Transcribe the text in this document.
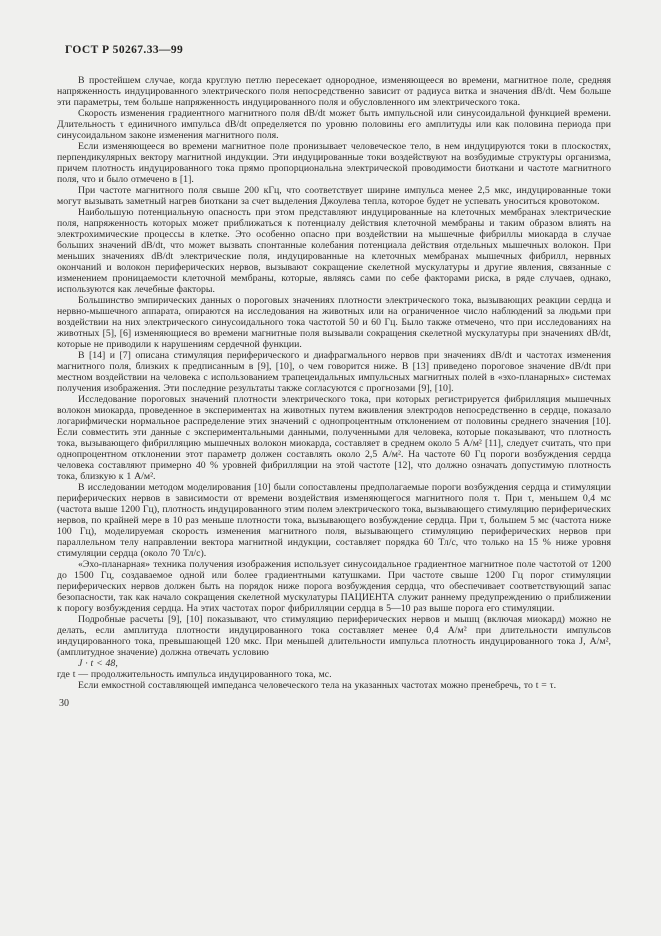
ГОСТ Р 50267.33—99

В простейшем случае, когда круглую петлю пересекает однородное, изменяющееся во времени, магнитное поле, средняя напряженность индуцированного электрического поля непосредственно зависит от радиуса витка и значения dB/dt. Чем больше эти параметры, тем больше напряженность индуцированного поля и обусловленного им электрического тока.

Скорость изменения градиентного магнитного поля dB/dt может быть импульсной или синусоидальной функцией времени. Длительность τ единичного импульса dB/dt определяется по уровню половины его амплитуды или как половина периода при синусоидальном законе изменения магнитного поля.

Если изменяющееся во времени магнитное поле пронизывает человеческое тело, в нем индуцируются токи в плоскостях, перпендикулярных вектору магнитной индукции. Эти индуцированные токи воздействуют на возбудимые структуры организма, причем плотность индуцированного тока прямо пропорциональна электрической проводимости биоткани и частоте магнитного поля, что и было отмечено в [1].

При частоте магнитного поля свыше 200 кГц, что соответствует ширине импульса менее 2,5 мкс, индуцированные токи могут вызывать заметный нагрев биоткани за счет выделения Джоулева тепла, которое будет не успевать уноситься кровотоком.

Наибольшую потенциальную опасность при этом представляют индуцированные на клеточных мембранах электрические поля, напряженность которых может приближаться к потенциалу действия клеточной мембраны и таким образом влиять на электрохимические процессы в клетке. Это особенно опасно при воздействии на мышечные фибриллы миокарда в случае больших значений dB/dt, что может вызвать спонтанные колебания потенциала действия отдельных мышечных волокон. При меньших значениях dB/dt электрические поля, индуцированные на клеточных мембранах мышечных фибрилл, нервных окончаний и волокон периферических нервов, вызывают сокращение скелетной мускулатуры и другие явления, связанные с изменением проницаемости клеточной мембраны, которые, являясь сами по себе факторами риска, в ряде случаев, однако, используются как лечебные факторы.

Большинство эмпирических данных о пороговых значениях плотности электрического тока, вызывающих реакции сердца и нервно-мышечного аппарата, опираются на исследования на животных или на ограниченное число наблюдений за людьми при воздействии на них электрического синусоидального тока частотой 50 и 60 Гц. Было также отмечено, что при исследованиях на животных [5], [6] изменяющиеся во времени магнитные поля вызывали сокращения скелетной мускулатуры при значениях dB/dt, которые не приводили к нарушениям сердечной функции.

В [14] и [7] описана стимуляция периферического и диафрагмального нервов при значениях dB/dt и частотах изменения магнитного поля, близких к предписанным в [9], [10], о чем говорится ниже. В [13] приведено пороговое значение dB/dt при местном воздействии на человека с использованием трапецеидальных импульсных магнитных полей в «эхо-планарных» системах получения изображения. Эти последние результаты также согласуются с прогнозами [9], [10].

Исследование пороговых значений плотности электрического тока, при которых регистрируется фибрилляция мышечных волокон миокарда, проведенное в экспериментах на животных путем вживления электродов непосредственно в сердце, показало логарифмически нормальное распределение этих значений с однопроцентным отклонением от половины среднего значения [10]. Если совместить эти данные с экспериментальными данными, полученными для человека, которые показывают, что плотность тока, вызывающего фибрилляцию мышечных волокон миокарда, составляет в среднем около 5 А/м² [11], следует считать, что при однопроцентном отклонении этот параметр должен составлять около 2,5 А/м². На частоте 60 Гц пороги возбуждения сердца человека составляют примерно 40 % уровней фибрилляции на этой частоте [12], что должно означать допустимую плотность тока, близкую к 1 А/м².

В исследовании методом моделирования [10] были сопоставлены предполагаемые пороги возбуждения сердца и стимуляции периферических нервов в зависимости от времени воздействия изменяющегося магнитного поля τ. При τ, меньшем 0,4 мс (частота выше 1200 Гц), плотность индуцированного этим полем электрического тока, вызывающего стимуляцию периферических нервов, по крайней мере в 10 раз меньше плотности тока, вызывающего возбуждение сердца. При τ, большем 5 мс (частота ниже 100 Гц), моделируемая скорость изменения магнитного поля, вызывающего стимуляцию периферических нервов при параллельном телу направлении вектора магнитной индукции, составляет порядка 60 Тл/с, что только на 15 % ниже уровня стимуляции сердца (около 70 Тл/с).

«Эхо-планарная» техника получения изображения использует синусоидальное градиентное магнитное поле частотой от 1200 до 1500 Гц, создаваемое одной или более градиентными катушками. При частоте свыше 1200 Гц порог стимуляции периферических нервов должен быть на порядок ниже порога возбуждения сердца, что обеспечивает соответствующий запас безопасности, так как начало сокращения скелетной мускулатуры ПАЦИЕНТА служит раннему предупреждению о приближении к порогу возбуждения сердца. На этих частотах порог фибрилляции сердца в 5—10 раз выше порога его стимуляции.

Подробные расчеты [9], [10] показывают, что стимуляцию периферических нервов и мышц (включая миокард) можно не делать, если амплитуда плотности индуцированного тока составляет менее 0,4 А/м² при длительности импульсов индуцированного тока, превышающей 120 мкс. При меньшей длительности импульса плотность индуцированного тока J, А/м², (амплитудное значение) должна отвечать условию

J · t < 48,

где t — продолжительность импульса индуцированного тока, мс.

Если емкостной составляющей импеданса человеческого тела на указанных частотах можно пренебречь, то t = τ.

30
